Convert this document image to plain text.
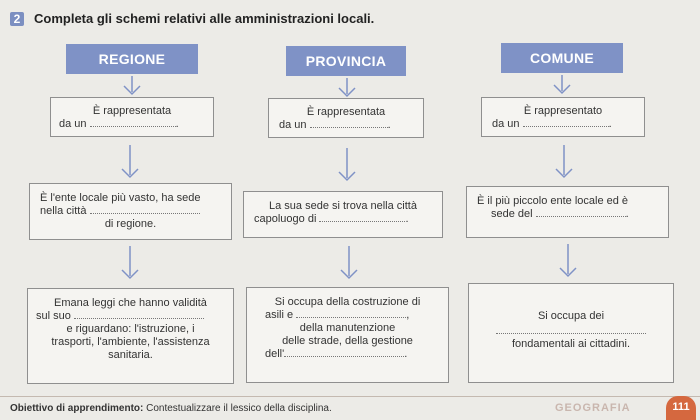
2 Completa gli schemi relativi alle amministrazioni locali.
REGIONE	PROVINCIA	COMUNE
È rappresentata
da un	.
È rappresentata
da un	.
È rappresentato
da un	.
È l'ente locale più vasto, ha sede
nella città
di regione.
La sua sede si trova nella città
capoluogo di	.
È il più piccolo ente locale ed è
sede del	.
Emana leggi che hanno validità
sul suo
e riguardano: l'istruzione, i
trasporti, l'ambiente, l'assistenza
sanitaria.
Si occupa della costruzione di
asili e	,
della manutenzione
delle strade, della gestione
dell'	.
Si occupa dei
fondamentali ai cittadini.
Obiettivo di apprendimento: Contestualizzare il lessico della disciplina.	GEOGRAFIA	111
